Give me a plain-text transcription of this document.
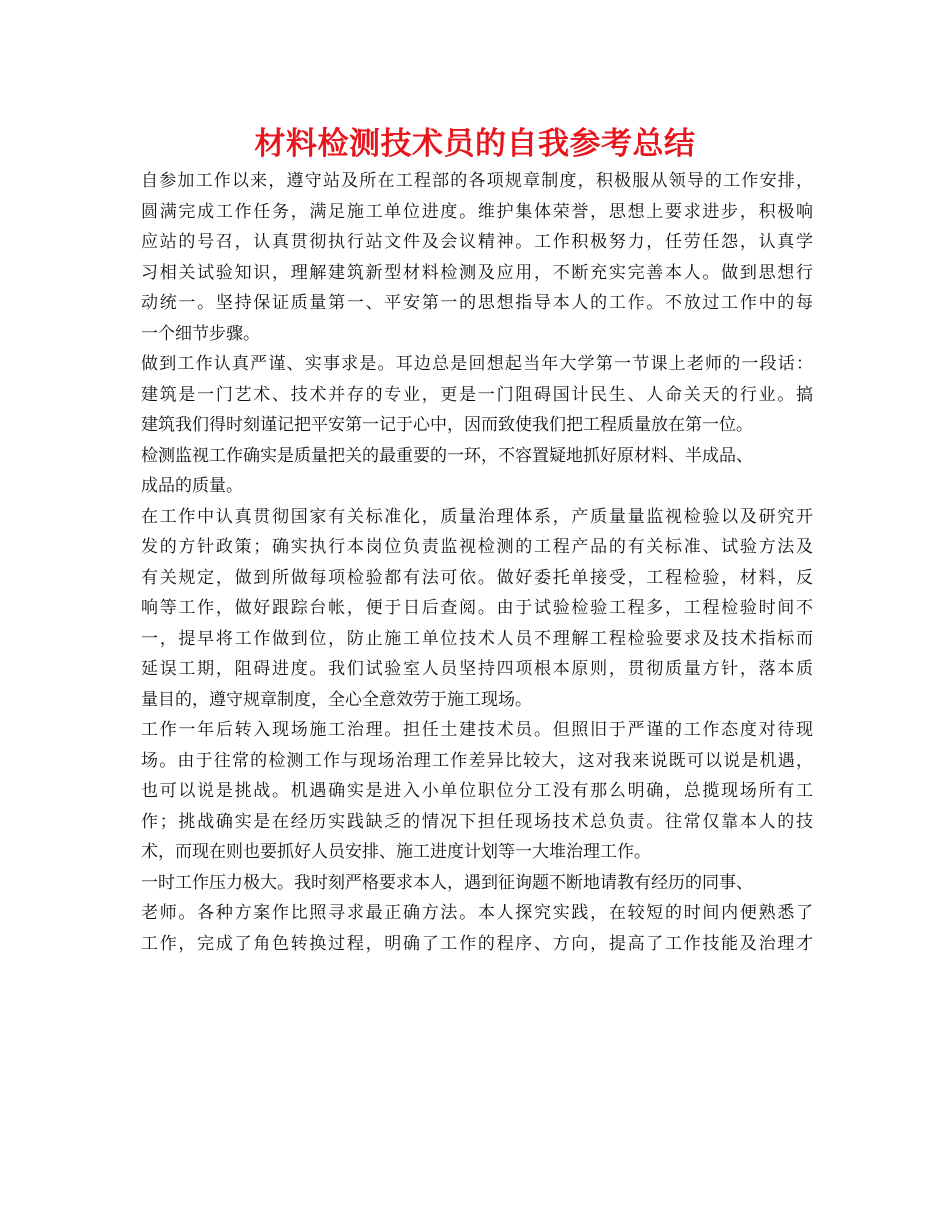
材料检测技术员的自我参考总结
自参加工作以来，遵守站及所在工程部的各项规章制度，积极服从领导的工作安排，
圆满完成工作任务，满足施工单位进度。维护集体荣誉，思想上要求进步，积极响
应站的号召，认真贯彻执行站文件及会议精神。工作积极努力，任劳任怨，认真学
习相关试验知识，理解建筑新型材料检测及应用，不断充实完善本人。做到思想行
动统一。坚持保证质量第一、平安第一的思想指导本人的工作。不放过工作中的每
一个细节步骤。
做到工作认真严谨、实事求是。耳边总是回想起当年大学第一节课上老师的一段话：
建筑是一门艺术、技术并存的专业，更是一门阻碍国计民生、人命关天的行业。搞
建筑我们得时刻谨记把平安第一记于心中，因而致使我们把工程质量放在第一位。
检测监视工作确实是质量把关的最重要的一环，不容置疑地抓好原材料、半成品、
成品的质量。
在工作中认真贯彻国家有关标准化，质量治理体系，产质量量监视检验以及研究开
发的方针政策；确实执行本岗位负责监视检测的工程产品的有关标准、试验方法及
有关规定，做到所做每项检验都有法可依。做好委托单接受，工程检验，材料，反
响等工作，做好跟踪台帐，便于日后查阅。由于试验检验工程多，工程检验时间不
一，提早将工作做到位，防止施工单位技术人员不理解工程检验要求及技术指标而
延误工期，阻碍进度。我们试验室人员坚持四项根本原则，贯彻质量方针，落本质
量目的，遵守规章制度，全心全意效劳于施工现场。
工作一年后转入现场施工治理。担任土建技术员。但照旧于严谨的工作态度对待现
场。由于往常的检测工作与现场治理工作差异比较大，这对我来说既可以说是机遇，
也可以说是挑战。机遇确实是进入小单位职位分工没有那么明确，总揽现场所有工
作；挑战确实是在经历实践缺乏的情况下担任现场技术总负责。往常仅靠本人的技
术，而现在则也要抓好人员安排、施工进度计划等一大堆治理工作。
一时工作压力极大。我时刻严格要求本人，遇到征询题不断地请教有经历的同事、
老师。各种方案作比照寻求最正确方法。本人探究实践，在较短的时间内便熟悉了
工作，完成了角色转换过程，明确了工作的程序、方向，提高了工作技能及治理才
